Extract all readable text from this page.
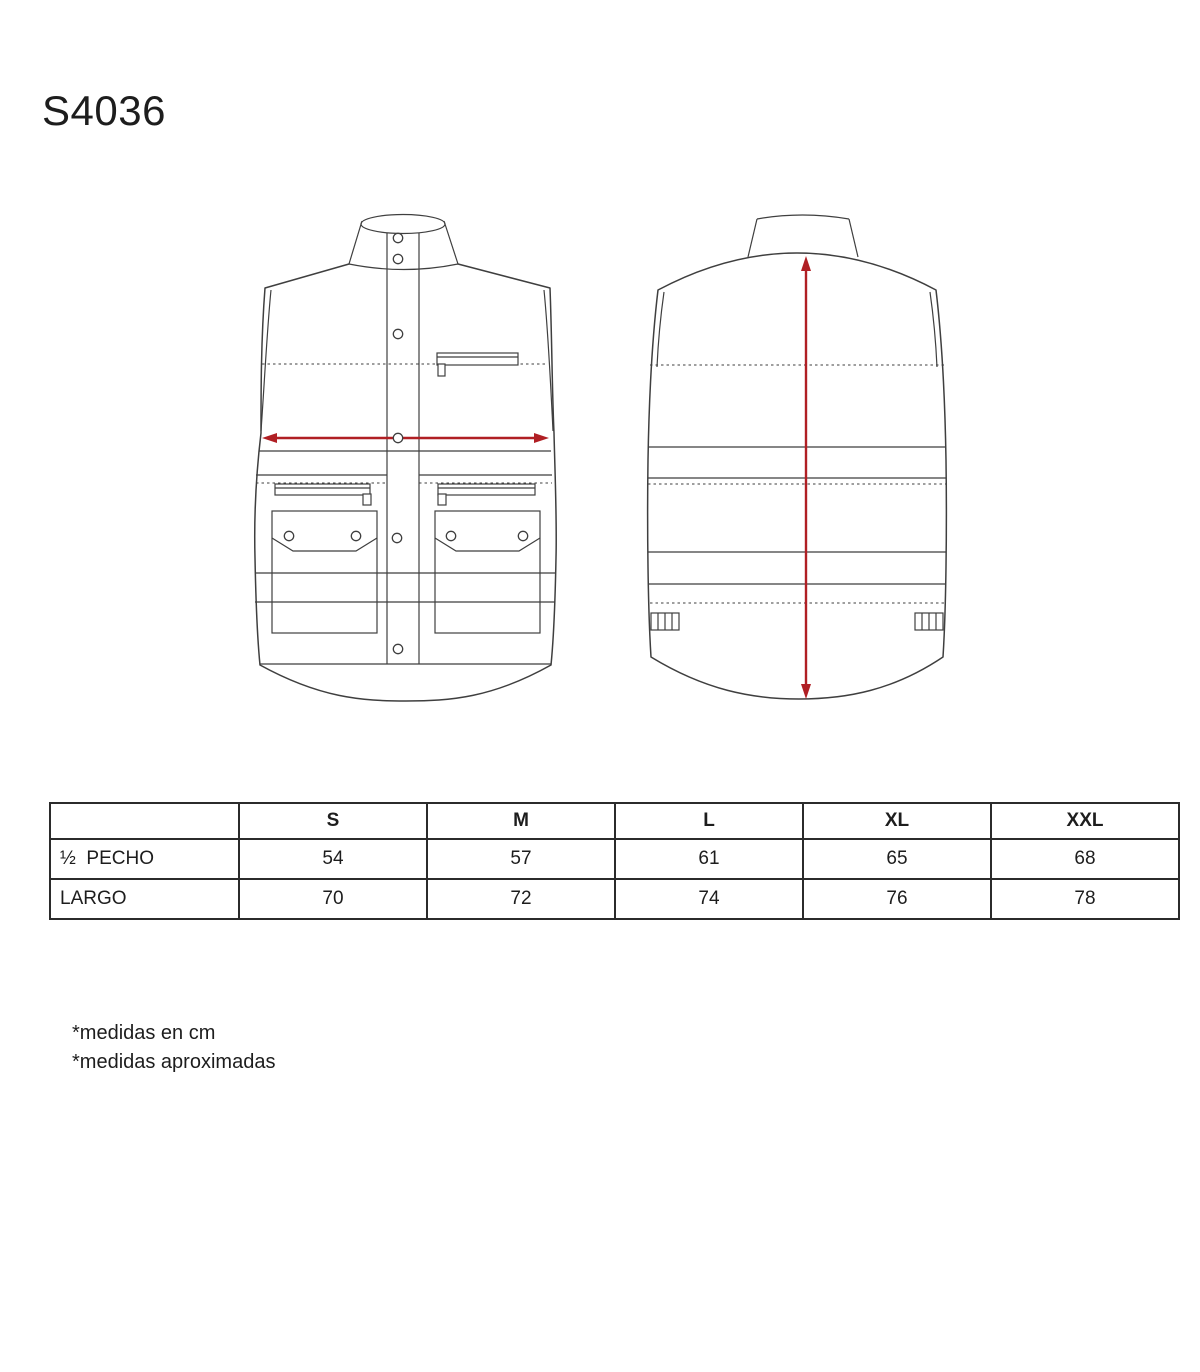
S4036
	S	M	L	XL	XXL
½  PECHO	54	57	61	65	68
LARGO	70	72	74	76	78
*medidas en cm
*medidas aproximadas
